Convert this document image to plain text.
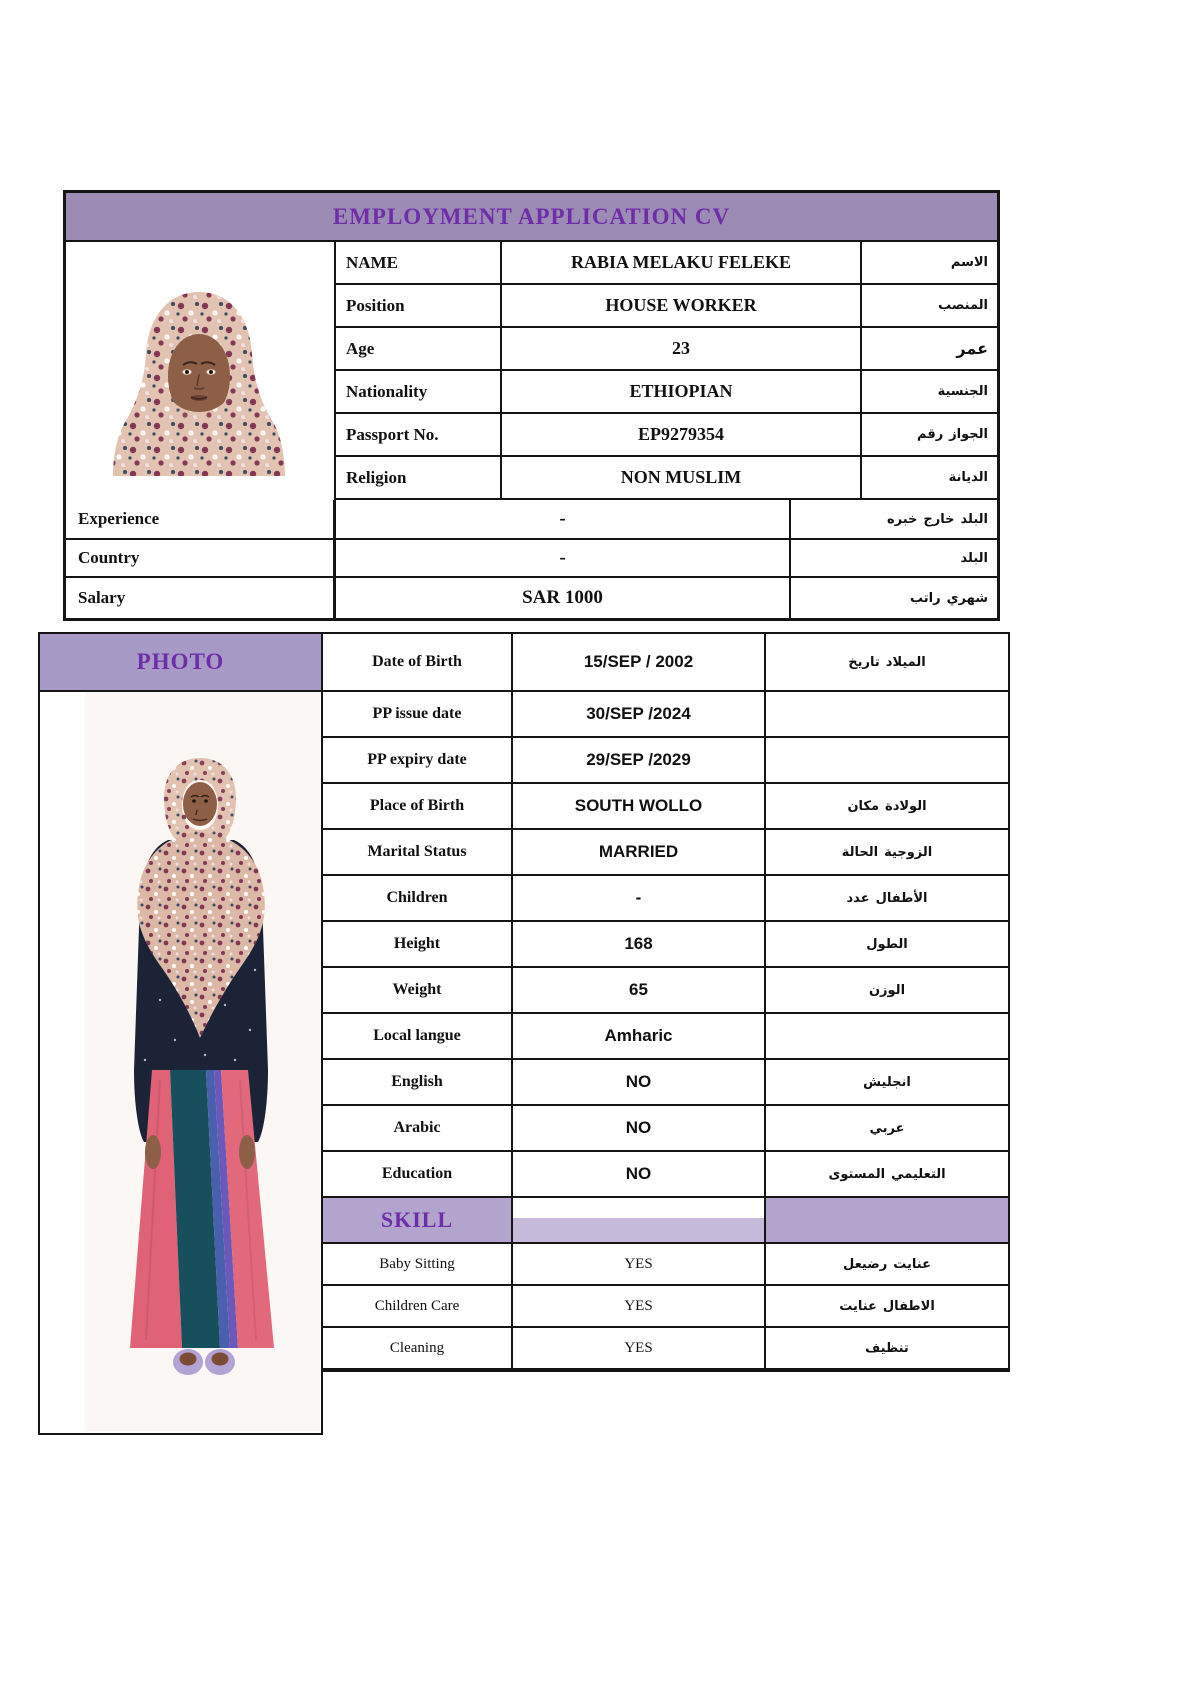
EMPLOYMENT APPLICATION CV
NAME	RABIA MELAKU FELEKE	الاسم
Position	HOUSE WORKER	المنصب
Age	23	عمر
Nationality	ETHIOPIAN	الجنسية
Passport No.	EP9279354	رقم الجواز
Religion	NON MUSLIM	الديانة
Experience	-	خبره خارج البلد
Country	-	البلد
Salary	SAR 1000	راتب شهري
PHOTO	Date of Birth	15/SEP / 2002	تاريخ الميلاد
PP issue date	30/SEP /2024
PP expiry date	29/SEP /2029
Place of Birth	SOUTH WOLLO	مكان الولادة
Marital Status	MARRIED	الحالة الزوجية
Children	-	عدد الأطفال
Height	168	الطول
Weight	65	الوزن
Local langue	Amharic
English	NO	انجليش
Arabic	NO	عربي
Education	NO	المستوى التعليمي
SKILL
Baby Sitting	YES	رضيعل عنايت
Children Care	YES	عنايت الاطفال
Cleaning	YES	تنظيف
